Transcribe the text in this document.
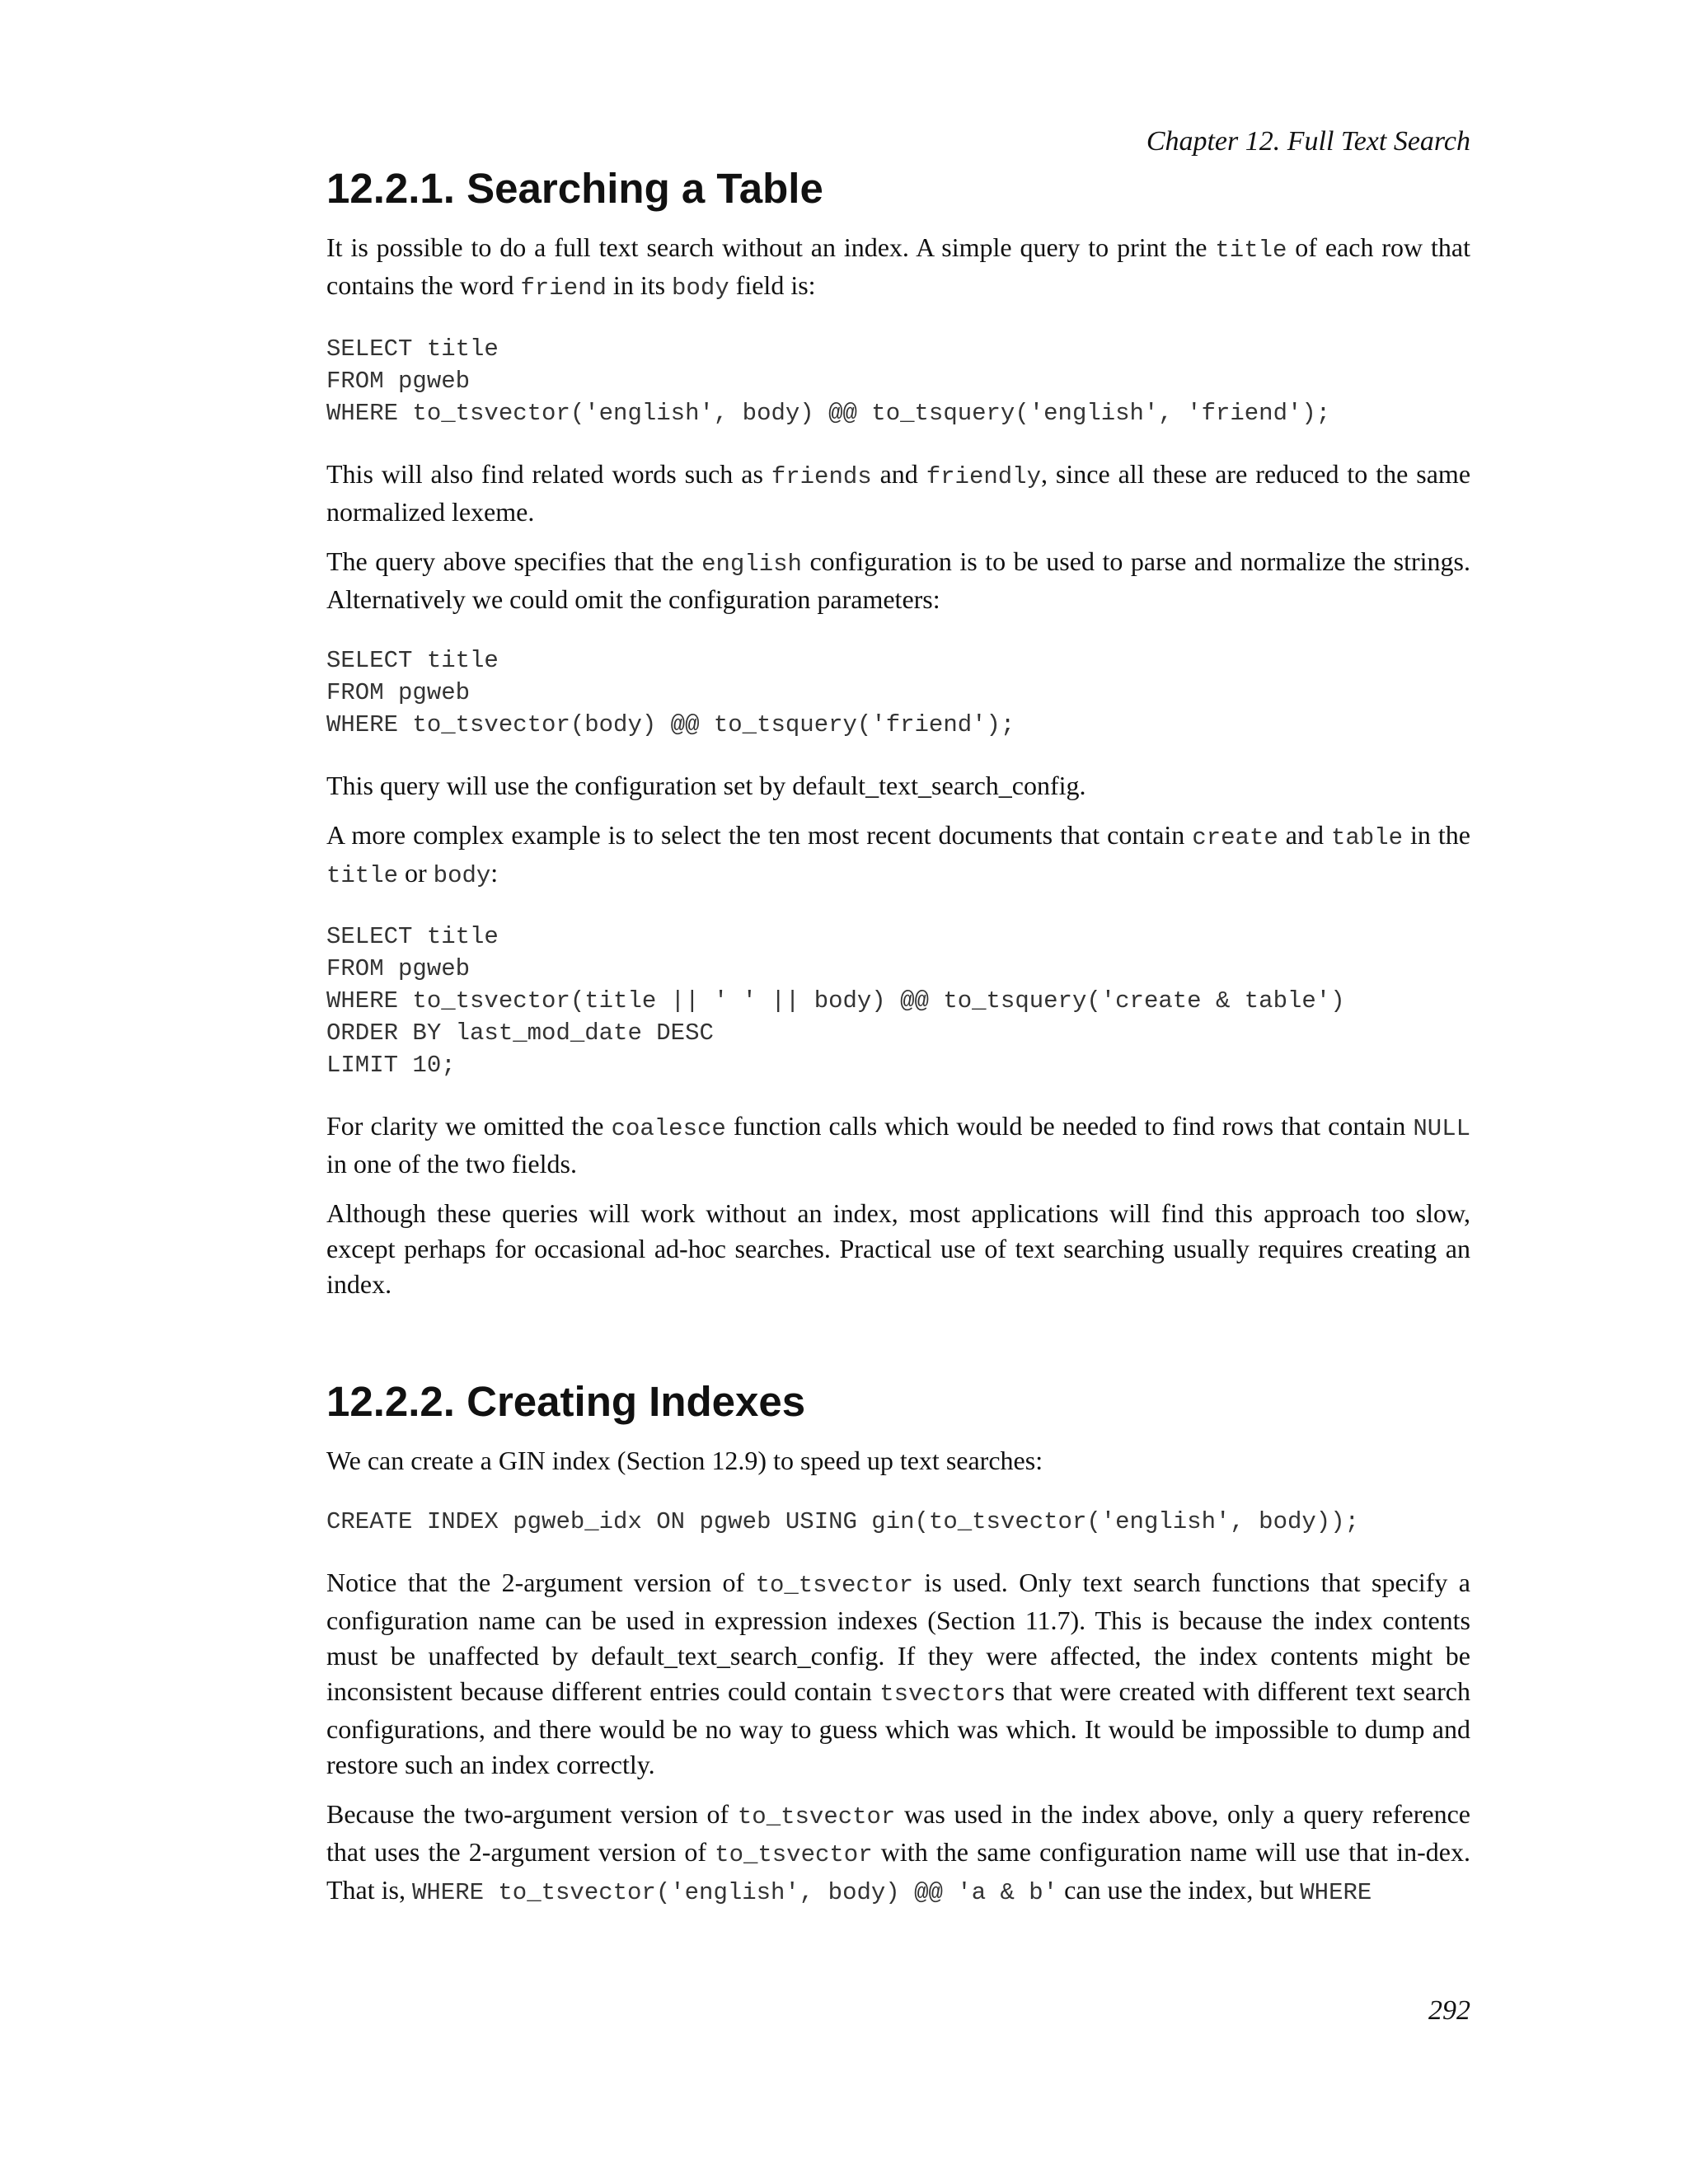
Chapter 12. Full Text Search

12.2.1. Searching a Table

It is possible to do a full text search without an index. A simple query to print the title of each row that contains the word friend in its body field is:

SELECT title
FROM pgweb
WHERE to_tsvector('english', body) @@ to_tsquery('english', 'friend');

This will also find related words such as friends and friendly, since all these are reduced to the same normalized lexeme.

The query above specifies that the english configuration is to be used to parse and normalize the strings. Alternatively we could omit the configuration parameters:

SELECT title
FROM pgweb
WHERE to_tsvector(body) @@ to_tsquery('friend');

This query will use the configuration set by default_text_search_config.

A more complex example is to select the ten most recent documents that contain create and table in the title or body:

SELECT title
FROM pgweb
WHERE to_tsvector(title || ' ' || body) @@ to_tsquery('create & table')
ORDER BY last_mod_date DESC
LIMIT 10;

For clarity we omitted the coalesce function calls which would be needed to find rows that contain NULL in one of the two fields.

Although these queries will work without an index, most applications will find this approach too slow, except perhaps for occasional ad-hoc searches. Practical use of text searching usually requires creating an index.

12.2.2. Creating Indexes

We can create a GIN index (Section 12.9) to speed up text searches:

CREATE INDEX pgweb_idx ON pgweb USING gin(to_tsvector('english', body));

Notice that the 2-argument version of to_tsvector is used. Only text search functions that specify a configuration name can be used in expression indexes (Section 11.7). This is because the index contents must be unaffected by default_text_search_config. If they were affected, the index contents might be inconsistent because different entries could contain tsvectors that were created with different text search configurations, and there would be no way to guess which was which. It would be impossible to dump and restore such an index correctly.

Because the two-argument version of to_tsvector was used in the index above, only a query reference that uses the 2-argument version of to_tsvector with the same configuration name will use that in-dex. That is, WHERE to_tsvector('english', body) @@ 'a & b' can use the index, but WHERE

292
